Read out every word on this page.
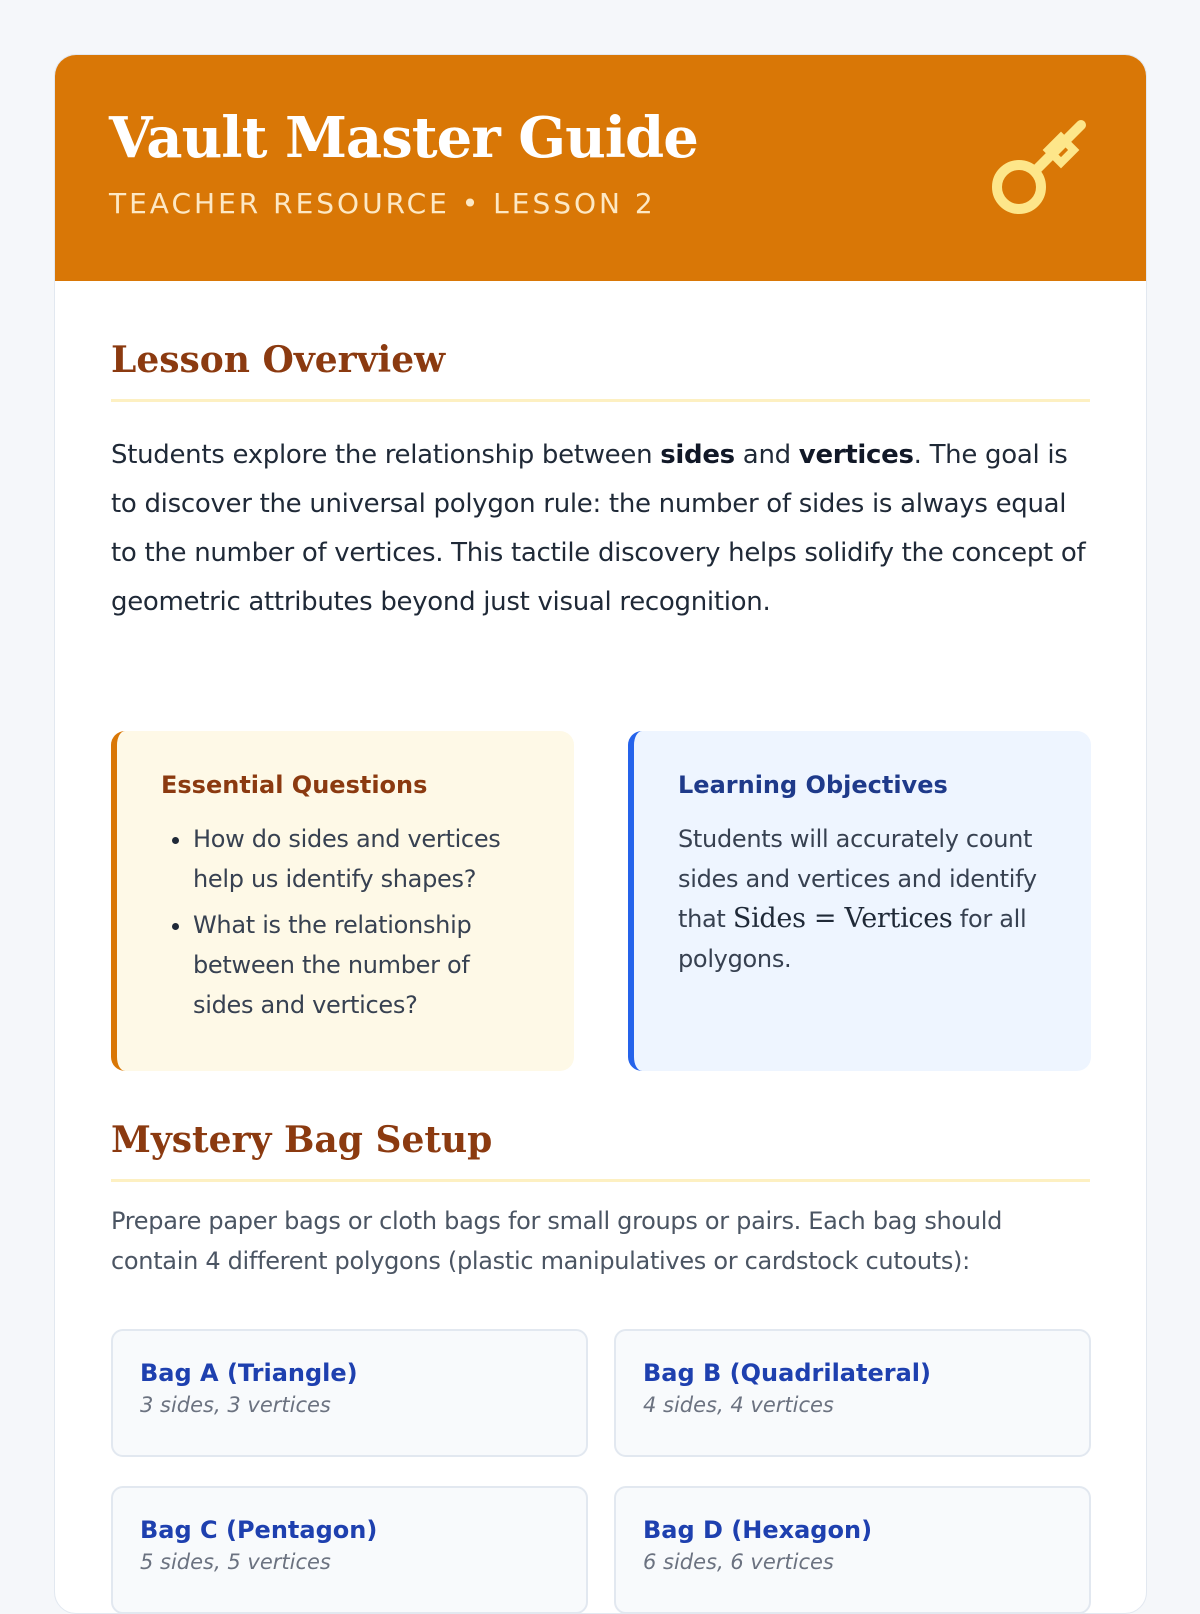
Vault Master Guide
TEACHER RESOURCE • LESSON 2
Lesson Overview

Students explore the relationship between sides and vertices. The goal is to discover the universal polygon rule: the number of sides is always equal to the number of vertices. This tactile discovery helps solidify the concept of geometric attributes beyond just visual recognition.

Essential Questions
• How do sides and vertices help us identify shapes?
• What is the relationship between the number of sides and vertices?
Learning Objectives

Students will accurately count sides and vertices and identify that Sides = Vertices for all polygons.

Mystery Bag Setup

Prepare paper bags or cloth bags for small groups or pairs. Each bag should contain 4 different polygons (plastic manipulatives or cardstock cutouts):

Bag A (Triangle)
3 sides, 3 vertices
Bag B (Quadrilateral)
4 sides, 4 vertices
Bag C (Pentagon)
5 sides, 5 vertices
Bag D (Hexagon)
6 sides, 6 vertices
